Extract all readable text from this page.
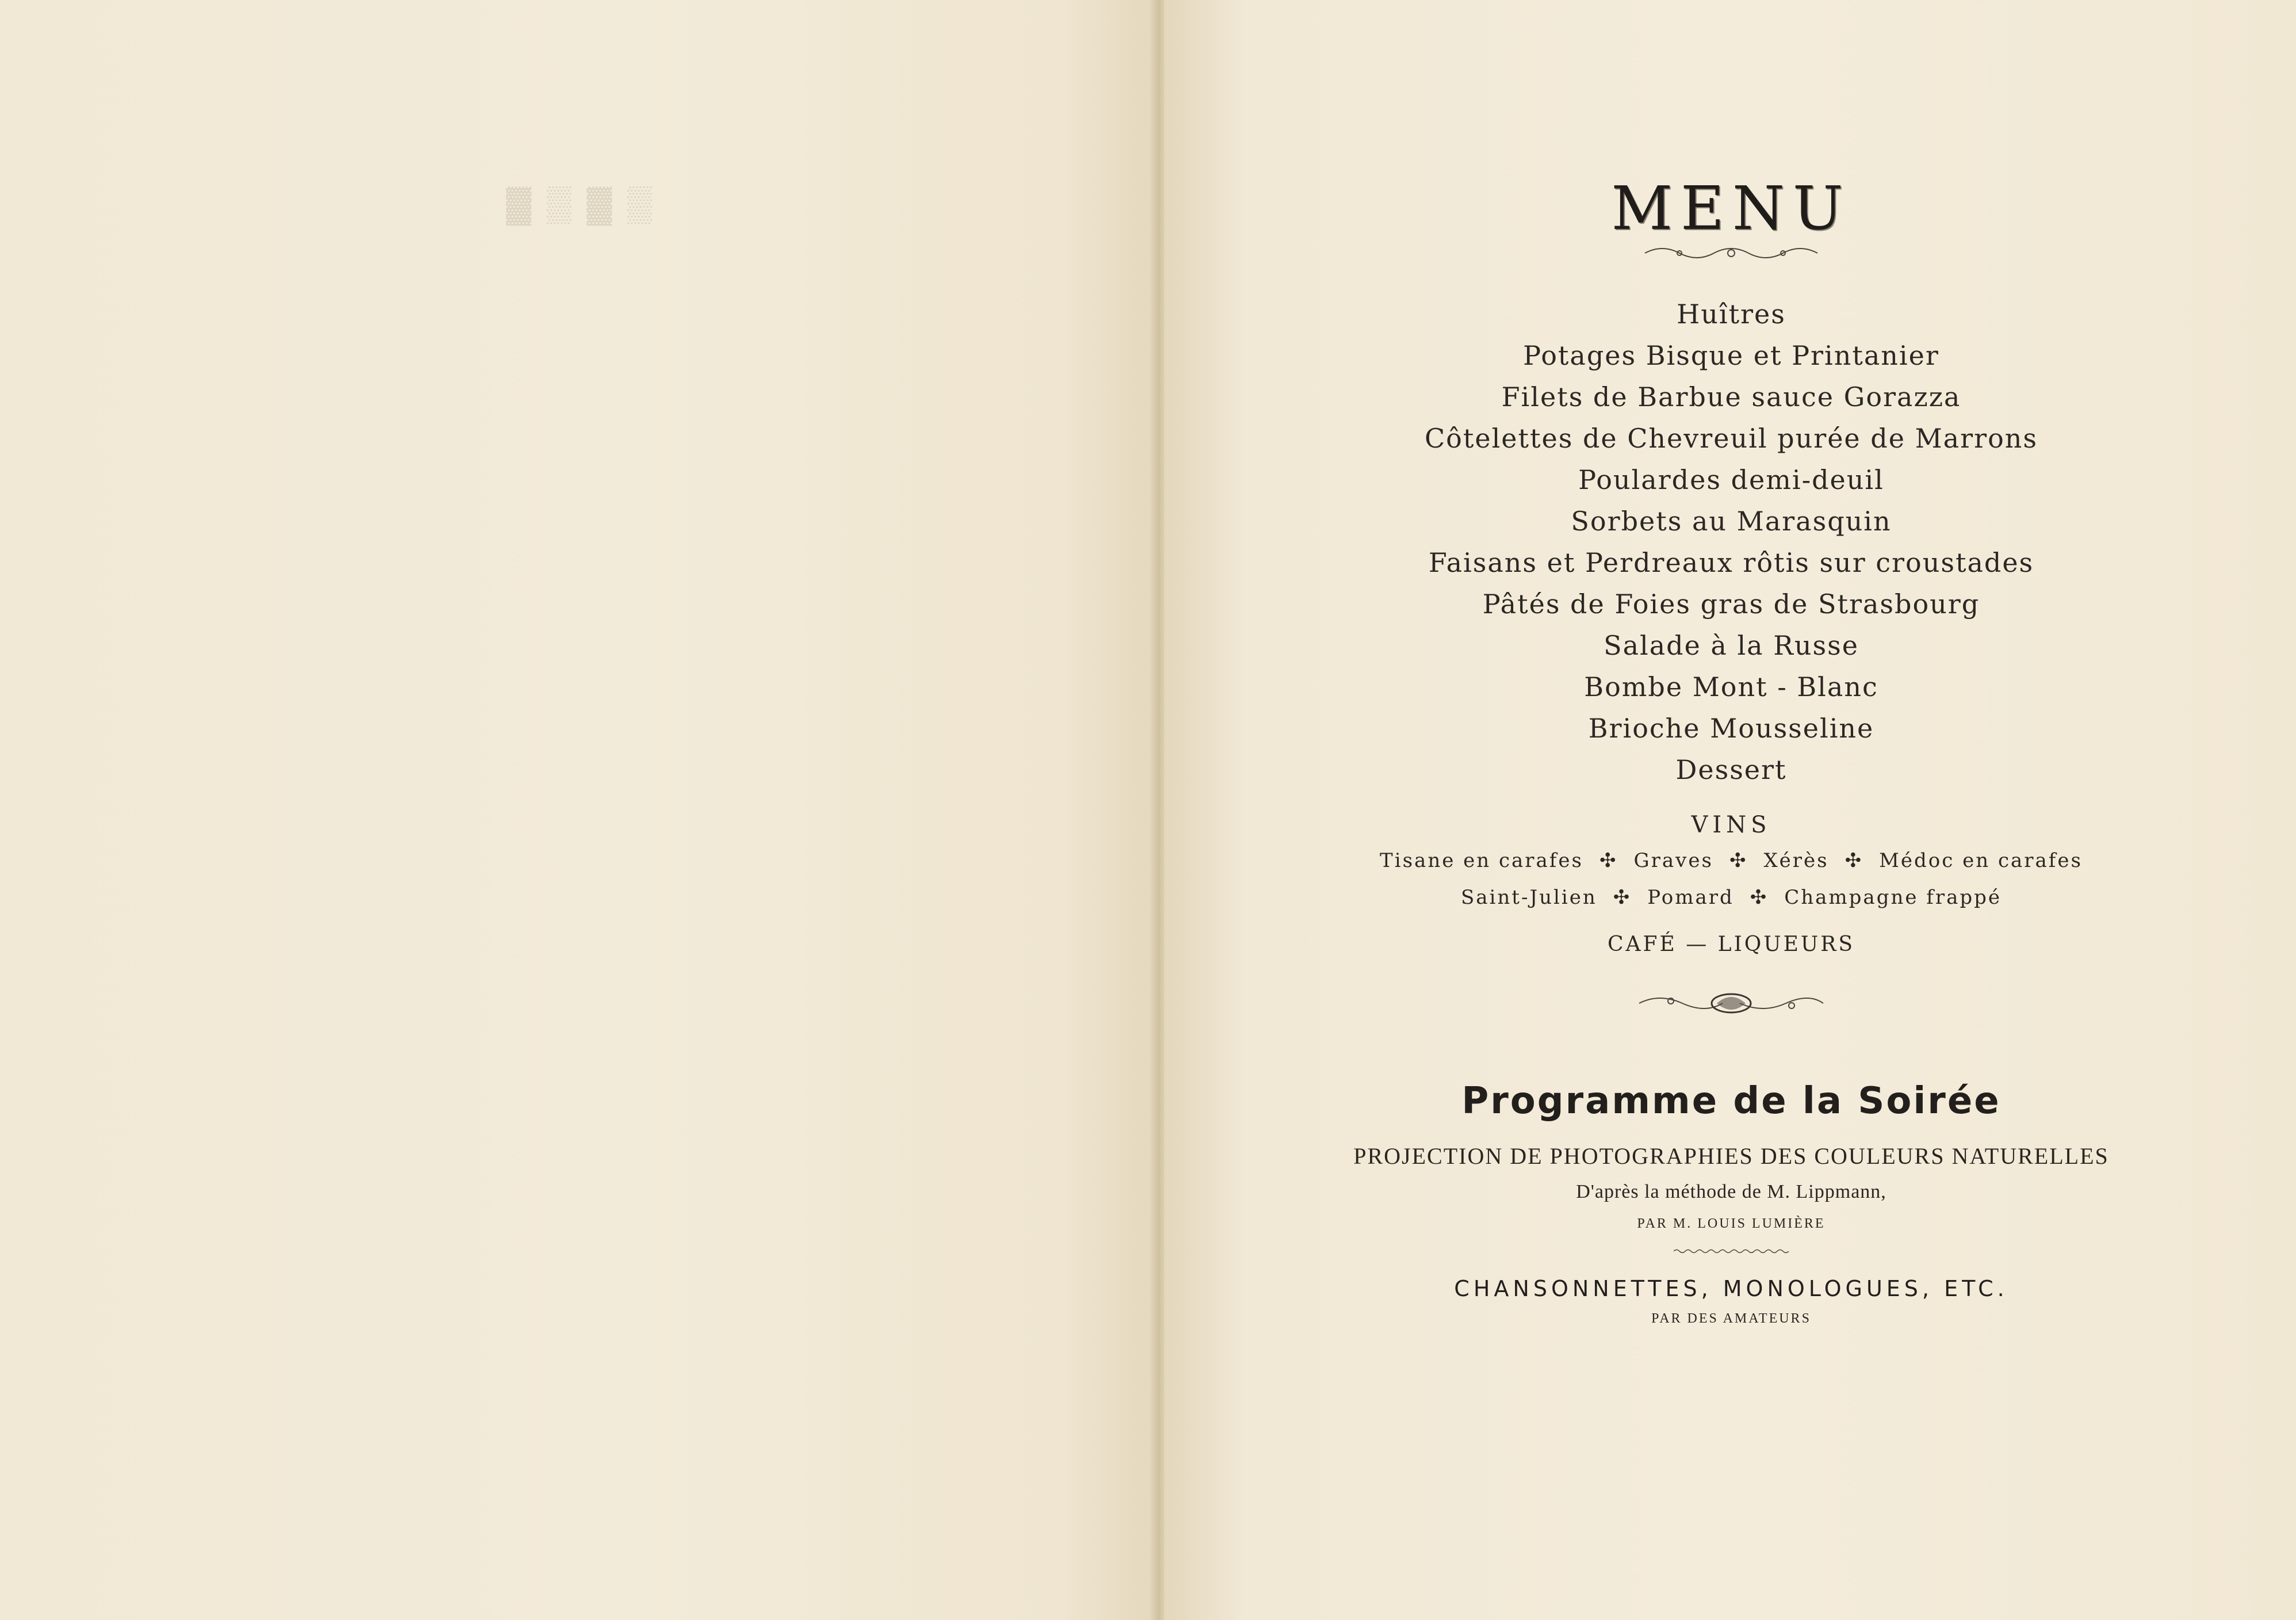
▓ ▒ ▓ ▒	MENU
Huîtres
Potages Bisque et Printanier
Filets de Barbue sauce Gorazza
Côtelettes de Chevreuil purée de Marrons
Poulardes demi-deuil
Sorbets au Marasquin
Faisans et Perdreaux rôtis sur croustades
Pâtés de Foies gras de Strasbourg
Salade à la Russe
Bombe Mont - Blanc
Brioche Mousseline
Dessert
VINS
Tisane en carafes ✣ Graves ✣ Xérès ✣ Médoc en carafes
Saint-Julien ✣ Pomard ✣ Champagne frappé
CAFÉ — LIQUEURS
Programme de la Soirée
PROJECTION DE PHOTOGRAPHIES DES COULEURS NATURELLES
D'après la méthode de M. Lippmann,
PAR M. LOUIS LUMIÈRE
CHANSONNETTES, MONOLOGUES, ETC.
PAR DES AMATEURS
